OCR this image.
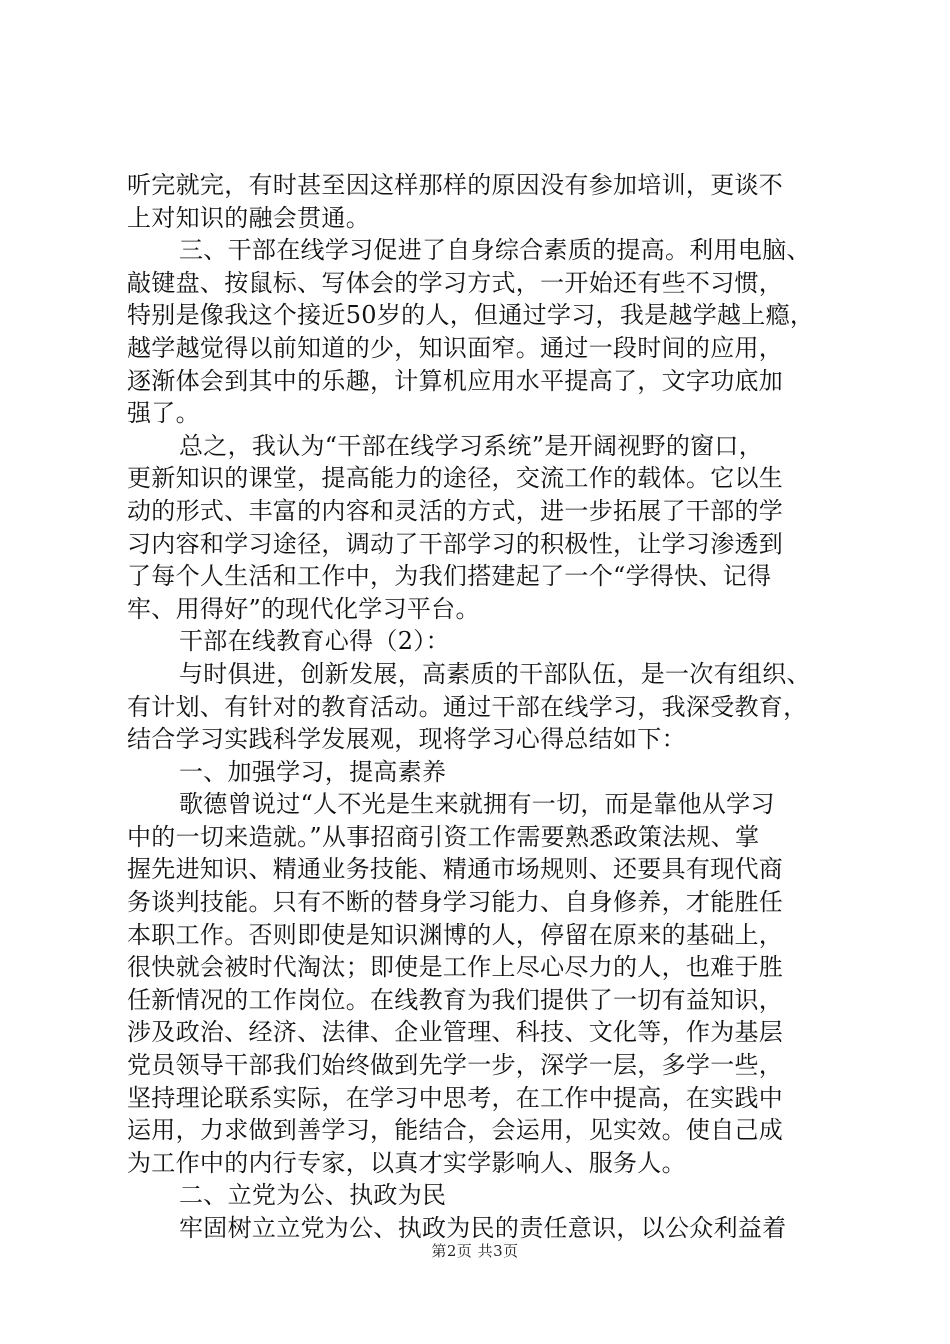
听完就完，有时甚至因这样那样的原因没有参加培训，更谈不
上对知识的融会贯通。
三、干部在线学习促进了自身综合素质的提高。利用电脑、
敲键盘、按鼠标、写体会的学习方式，一开始还有些不习惯，
特别是像我这个接近50岁的人，但通过学习，我是越学越上瘾，
越学越觉得以前知道的少，知识面窄。通过一段时间的应用，
逐渐体会到其中的乐趣，计算机应用水平提高了，文字功底加
强了。
总之，我认为“干部在线学习系统”是开阔视野的窗口，
更新知识的课堂，提高能力的途径，交流工作的载体。它以生
动的形式、丰富的内容和灵活的方式，进一步拓展了干部的学
习内容和学习途径，调动了干部学习的积极性，让学习渗透到
了每个人生活和工作中，为我们搭建起了一个“学得快、记得
牢、用得好”的现代化学习平台。
干部在线教育心得（2）：
与时俱进，创新发展，高素质的干部队伍，是一次有组织、
有计划、有针对的教育活动。通过干部在线学习，我深受教育，
结合学习实践科学发展观，现将学习心得总结如下：
一、加强学习，提高素养
歌德曾说过“人不光是生来就拥有一切，而是靠他从学习
中的一切来造就。”从事招商引资工作需要熟悉政策法规、掌
握先进知识、精通业务技能、精通市场规则、还要具有现代商
务谈判技能。只有不断的替身学习能力、自身修养，才能胜任
本职工作。否则即使是知识渊博的人，停留在原来的基础上，
很快就会被时代淘汰；即使是工作上尽心尽力的人，也难于胜
任新情况的工作岗位。在线教育为我们提供了一切有益知识，
涉及政治、经济、法律、企业管理、科技、文化等，作为基层
党员领导干部我们始终做到先学一步，深学一层，多学一些，
坚持理论联系实际，在学习中思考，在工作中提高，在实践中
运用，力求做到善学习，能结合，会运用，见实效。使自己成
为工作中的内行专家，以真才实学影响人、服务人。
二、立党为公、执政为民
牢固树立立党为公、执政为民的责任意识，以公众利益着
第2页 共3页
